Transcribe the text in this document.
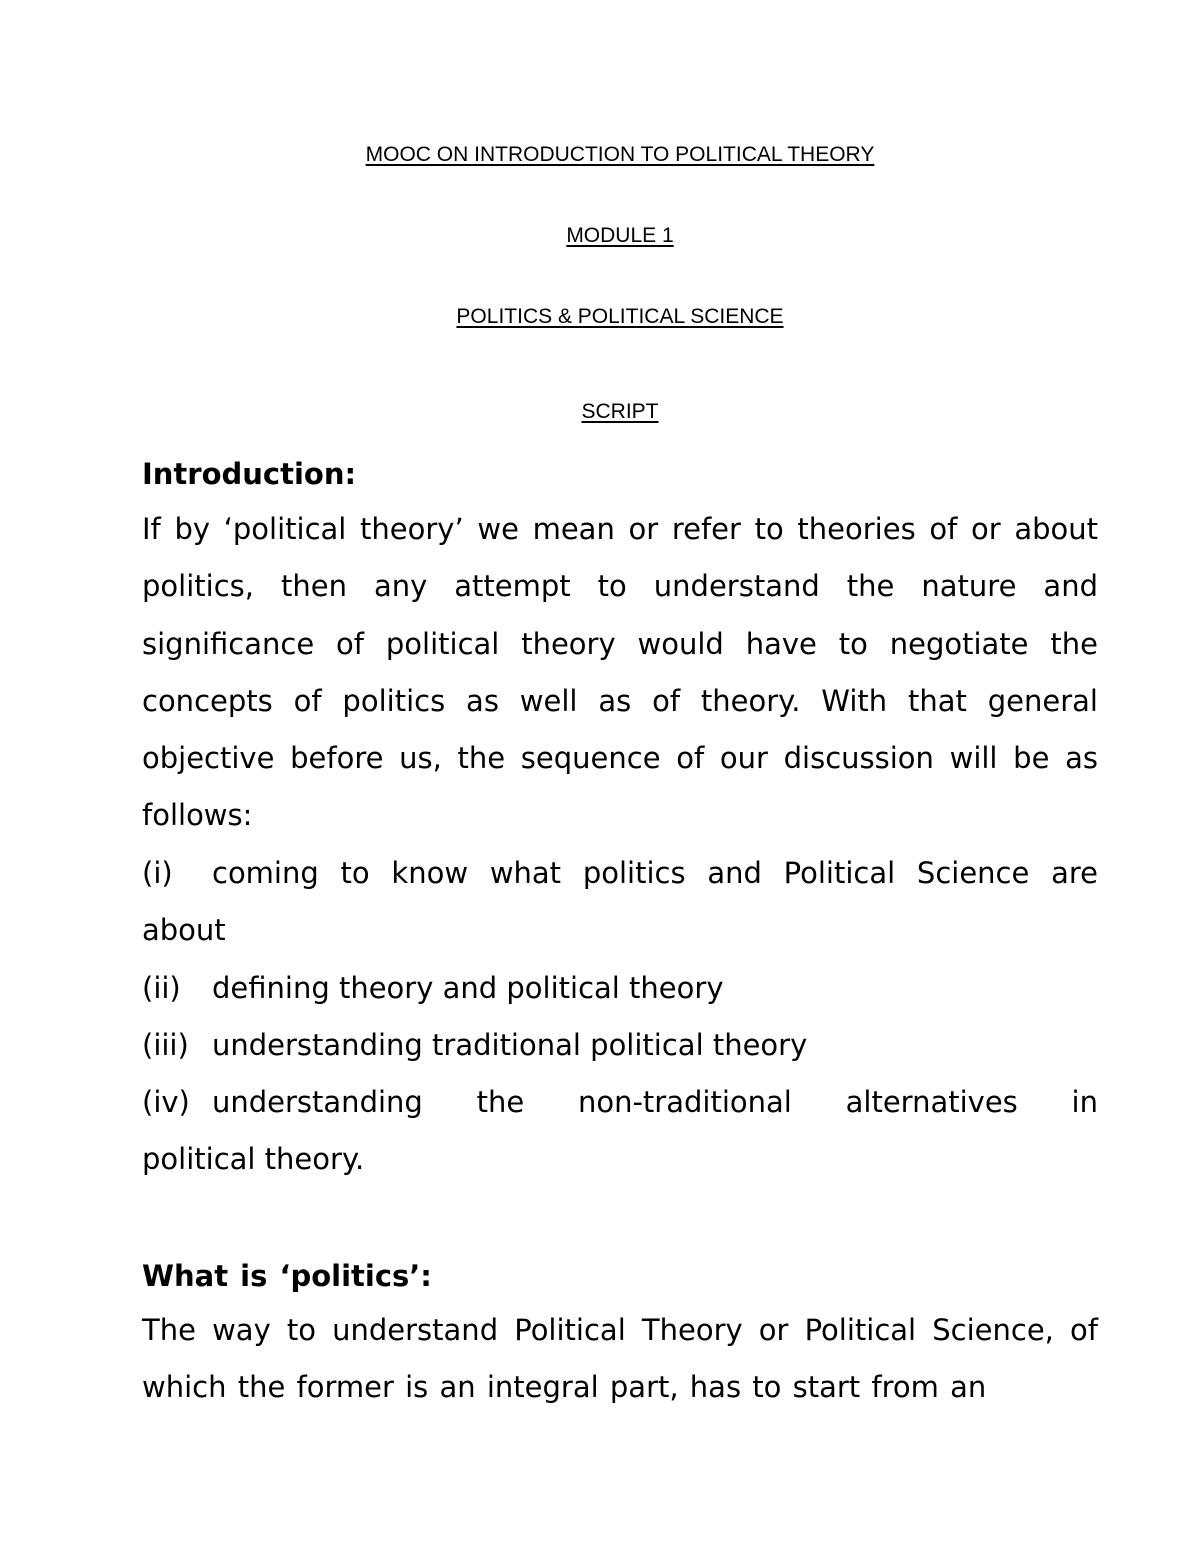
MOOC ON INTRODUCTION TO POLITICAL THEORY
MODULE 1
POLITICS & POLITICAL SCIENCE
SCRIPT
Introduction:
If by ‘political theory’ we mean or refer to theories of or about politics, then any attempt to understand the nature and significance of political theory would have to negotiate the concepts of politics as well as of theory. With that general objective before us, the sequence of our discussion will be as follows:
(i)	coming to know what politics and Political Science are
about
(ii)	defining theory and political theory
(iii) understanding traditional political theory
(iv) understanding the non-traditional alternatives in
political theory.
What is ‘politics’:
The way to understand Political Theory or Political Science, of which the former is an integral part, has to start from an
